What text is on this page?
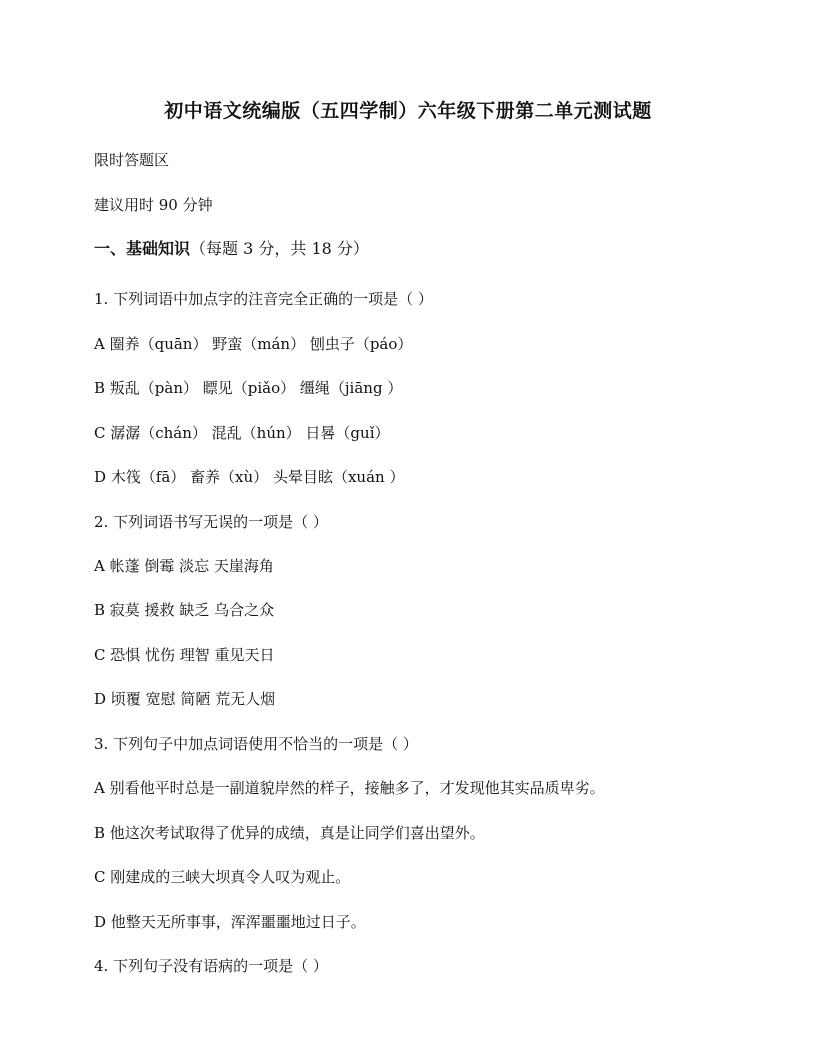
初中语文统编版（五四学制）六年级下册第二单元测试题
限时答题区
建议用时 90 分钟
一、基础知识（每题 3 分，共 18 分）
1. 下列词语中加点字的注音完全正确的一项是（ ）
A 圈养（quān） 野蛮（mán） 刨虫子（páo）
B 叛乱（pàn） 瞟见（piǎo） 缰绳（jiāng ）
C 潺潺（chán） 混乱（hún） 日晷（guǐ）
D 木筏（fā） 畜养（xù） 头晕目眩（xuán ）
2. 下列词语书写无误的一项是（ ）
A 帐蓬 倒霉 淡忘 天崖海角
B 寂莫 援救 缺乏 乌合之众
C 恐惧 忧伤 理智 重见天日
D 顷覆 宽慰 简陋 荒无人烟
3. 下列句子中加点词语使用不恰当的一项是（ ）
A 别看他平时总是一副道貌岸然的样子，接触多了，才发现他其实品质卑劣。
B 他这次考试取得了优异的成绩，真是让同学们喜出望外。
C 刚建成的三峡大坝真令人叹为观止。
D 他整天无所事事，浑浑噩噩地过日子。
4. 下列句子没有语病的一项是（ ）
